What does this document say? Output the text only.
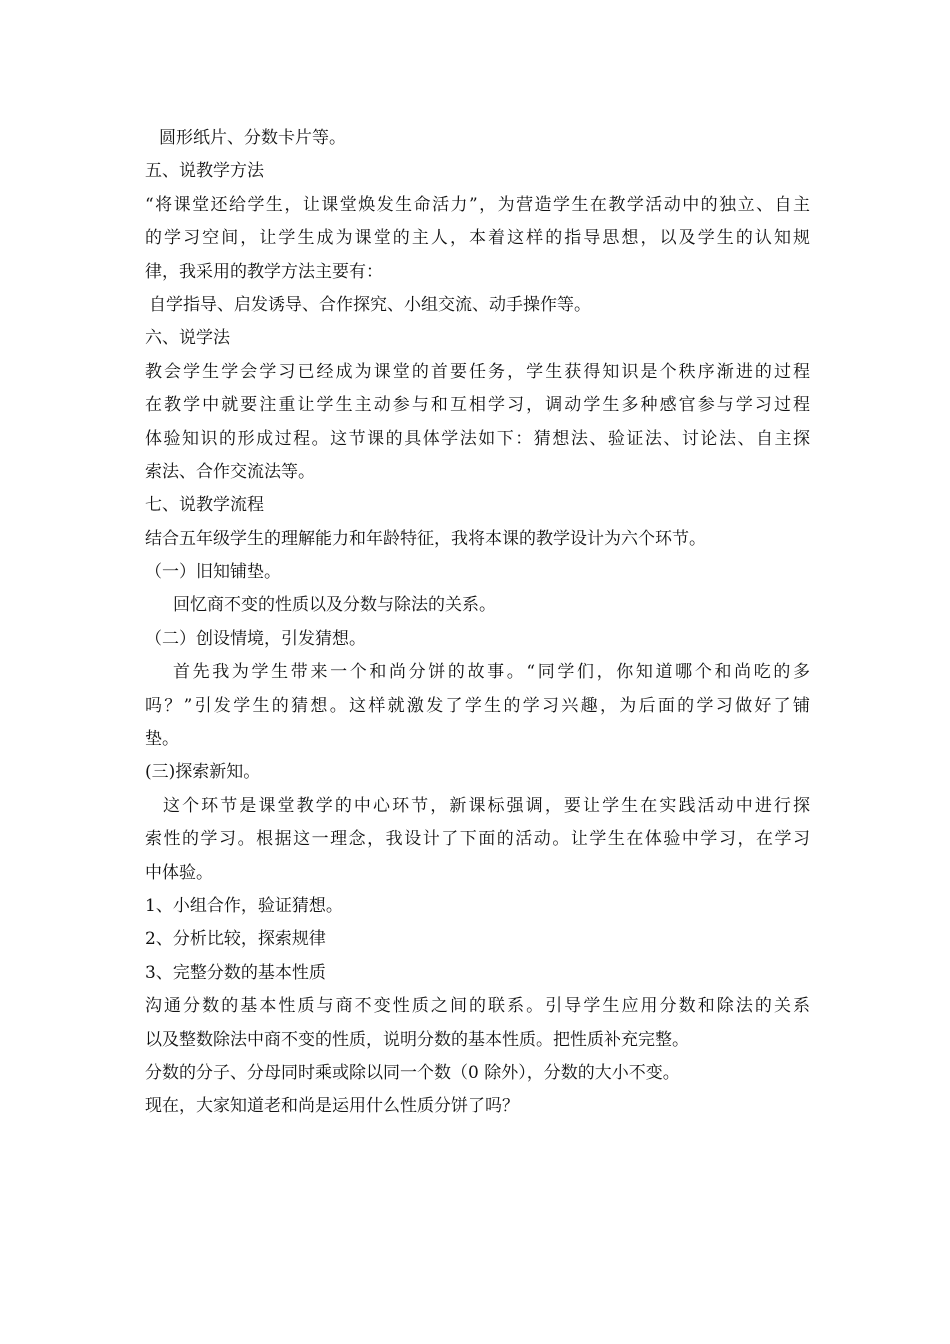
圆形纸片、分数卡片等。
五、说教学方法
“将课堂还给学生，让课堂焕发生命活力”，为营造学生在教学活动中的独立、自主
的学习空间，让学生成为课堂的主人，本着这样的指导思想，以及学生的认知规
律，我采用的教学方法主要有：
自学指导、启发诱导、合作探究、小组交流、动手操作等。
六、说学法
教会学生学会学习已经成为课堂的首要任务，学生获得知识是个秩序渐进的过程
在教学中就要注重让学生主动参与和互相学习，调动学生多种感官参与学习过程
体验知识的形成过程。这节课的具体学法如下：猜想法、验证法、讨论法、自主探
索法、合作交流法等。
七、说教学流程
结合五年级学生的理解能力和年龄特征，我将本课的教学设计为六个环节。
（一）旧知铺垫。
回忆商不变的性质以及分数与除法的关系。
（二）创设情境，引发猜想。
首先我为学生带来一个和尚分饼的故事。“同学们，你知道哪个和尚吃的多
吗？”引发学生的猜想。这样就激发了学生的学习兴趣，为后面的学习做好了铺
垫。
(三)探索新知。
这个环节是课堂教学的中心环节，新课标强调，要让学生在实践活动中进行探
索性的学习。根据这一理念，我设计了下面的活动。让学生在体验中学习，在学习
中体验。
1、小组合作，验证猜想。
2、分析比较，探索规律
3、完整分数的基本性质
沟通分数的基本性质与商不变性质之间的联系。引导学生应用分数和除法的关系
以及整数除法中商不变的性质，说明分数的基本性质。把性质补充完整。
分数的分子、分母同时乘或除以同一个数（0 除外），分数的大小不变。
现在，大家知道老和尚是运用什么性质分饼了吗？
